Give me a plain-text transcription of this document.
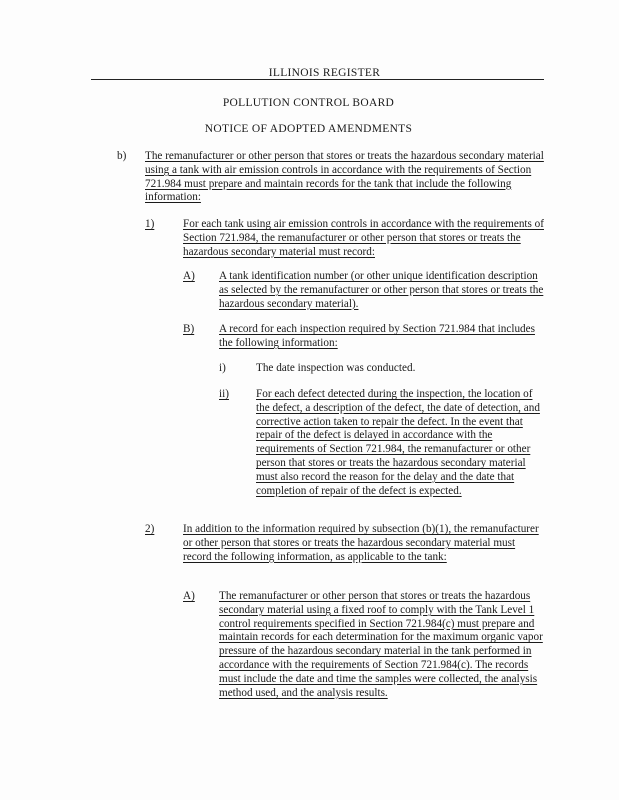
ILLINOIS REGISTER
POLLUTION CONTROL BOARD
NOTICE OF ADOPTED AMENDMENTS
b) The remanufacturer or other person that stores or treats the hazardous secondary material using a tank with air emission controls in accordance with the requirements of Section 721.984 must prepare and maintain records for the tank that include the following information:
1)	For each tank using air emission controls in accordance with the requirements of Section 721.984, the remanufacturer or other person that stores or treats the hazardous secondary material must record:
A) A tank identification number (or other unique identification description as selected by the remanufacturer or other person that stores or treats the hazardous secondary material).
B) A record for each inspection required by Section 721.984 that includes the following information:
i)	The date inspection was conducted.
ii) For each defect detected during the inspection, the location of the defect, a description of the defect, the date of detection, and corrective action taken to repair the defect. In the event that repair of the defect is delayed in accordance with the requirements of Section 721.984, the remanufacturer or other person that stores or treats the hazardous secondary material must also record the reason for the delay and the date that completion of repair of the defect is expected.
2)	In addition to the information required by subsection (b)(1), the remanufacturer or other person that stores or treats the hazardous secondary material must record the following information, as applicable to the tank:
A) The remanufacturer or other person that stores or treats the hazardous secondary material using a fixed roof to comply with the Tank Level 1 control requirements specified in Section 721.984(c) must prepare and maintain records for each determination for the maximum organic vapor pressure of the hazardous secondary material in the tank performed in accordance with the requirements of Section 721.984(c). The records must include the date and time the samples were collected, the analysis method used, and the analysis results.
